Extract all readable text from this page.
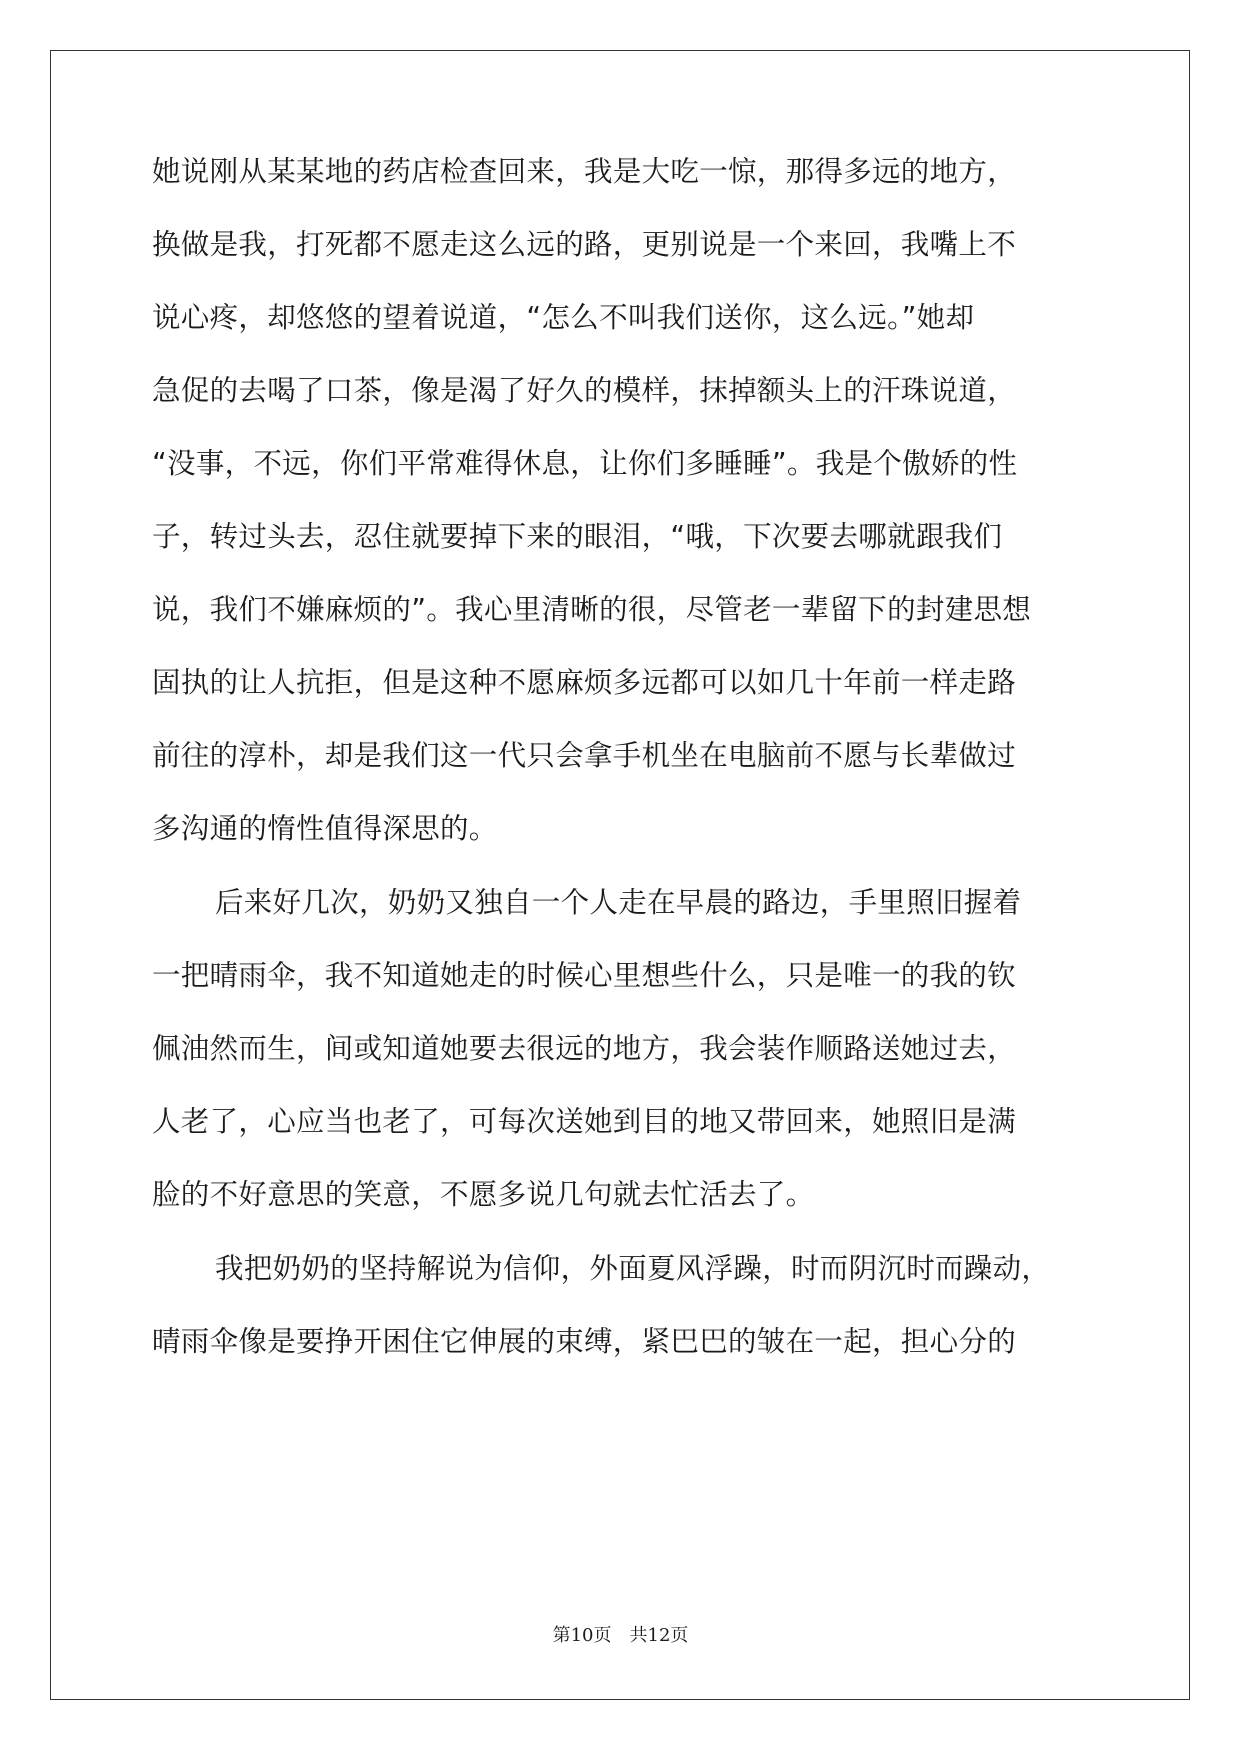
她说刚从某某地的药店检查回来，我是大吃一惊，那得多远的地方，
换做是我，打死都不愿走这么远的路，更别说是一个来回，我嘴上不
说心疼，却悠悠的望着说道，“怎么不叫我们送你，这么远。”她却
急促的去喝了口茶，像是渴了好久的模样，抹掉额头上的汗珠说道，
“没事，不远，你们平常难得休息，让你们多睡睡”。我是个傲娇的性
子，转过头去，忍住就要掉下来的眼泪，“哦，下次要去哪就跟我们
说，我们不嫌麻烦的”。我心里清晰的很，尽管老一辈留下的封建思想
固执的让人抗拒，但是这种不愿麻烦多远都可以如几十年前一样走路
前往的淳朴，却是我们这一代只会拿手机坐在电脑前不愿与长辈做过
多沟通的惰性值得深思的。
后来好几次，奶奶又独自一个人走在早晨的路边，手里照旧握着
一把晴雨伞，我不知道她走的时候心里想些什么，只是唯一的我的钦
佩油然而生，间或知道她要去很远的地方，我会装作顺路送她过去，
人老了，心应当也老了，可每次送她到目的地又带回来，她照旧是满
脸的不好意思的笑意，不愿多说几句就去忙活去了。
我把奶奶的坚持解说为信仰，外面夏风浮躁，时而阴沉时而躁动，
晴雨伞像是要挣开困住它伸展的束缚，紧巴巴的皱在一起，担心分的
第10页　共12页
